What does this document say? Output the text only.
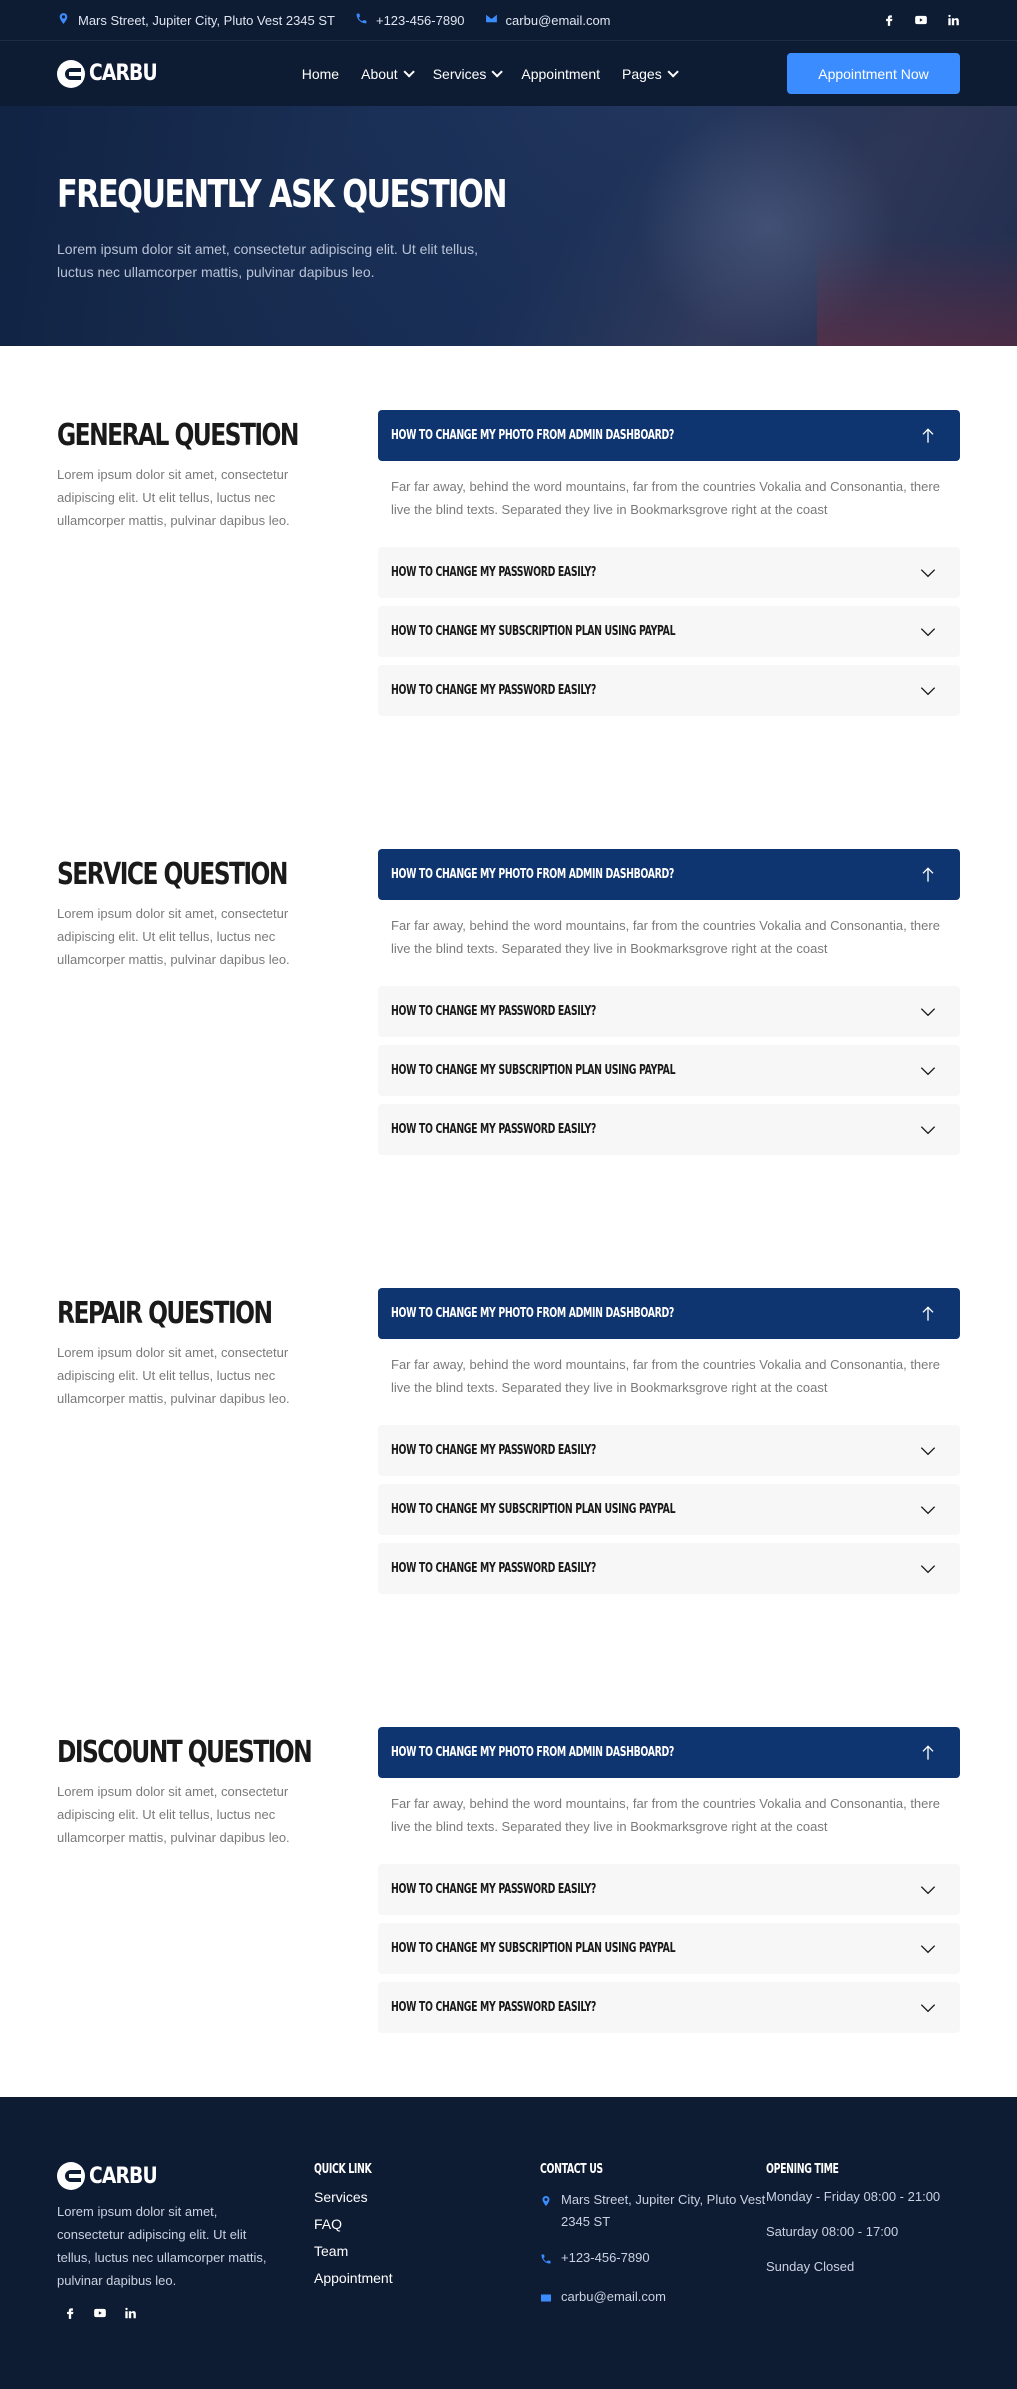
Mars Street, Jupiter City, Pluto Vest 2345 ST	+123-456-7890	carbu@email.com
CARBU	Home About	Services	Appointment Pages	Appointment Now
FREQUENTLY ASK QUESTION

Lorem ipsum dolor sit amet, consectetur adipiscing elit. Ut elit tellus, luctus nec ullamcorper mattis, pulvinar dapibus leo.

GENERAL QUESTION

Lorem ipsum dolor sit amet, consectetur adipiscing elit. Ut elit tellus, luctus nec ullamcorper mattis, pulvinar dapibus leo.

HOW TO CHANGE MY PHOTO FROM ADMIN DASHBOARD?
Far far away, behind the word mountains, far from the countries Vokalia and Consonantia, there live the blind texts. Separated they live in Bookmarksgrove right at the coast
HOW TO CHANGE MY PASSWORD EASILY?
HOW TO CHANGE MY SUBSCRIPTION PLAN USING PAYPAL
HOW TO CHANGE MY PASSWORD EASILY?
SERVICE QUESTION

Lorem ipsum dolor sit amet, consectetur adipiscing elit. Ut elit tellus, luctus nec ullamcorper mattis, pulvinar dapibus leo.

HOW TO CHANGE MY PHOTO FROM ADMIN DASHBOARD?
Far far away, behind the word mountains, far from the countries Vokalia and Consonantia, there live the blind texts. Separated they live in Bookmarksgrove right at the coast
HOW TO CHANGE MY PASSWORD EASILY?
HOW TO CHANGE MY SUBSCRIPTION PLAN USING PAYPAL
HOW TO CHANGE MY PASSWORD EASILY?
REPAIR QUESTION

Lorem ipsum dolor sit amet, consectetur adipiscing elit. Ut elit tellus, luctus nec ullamcorper mattis, pulvinar dapibus leo.

HOW TO CHANGE MY PHOTO FROM ADMIN DASHBOARD?
Far far away, behind the word mountains, far from the countries Vokalia and Consonantia, there live the blind texts. Separated they live in Bookmarksgrove right at the coast
HOW TO CHANGE MY PASSWORD EASILY?
HOW TO CHANGE MY SUBSCRIPTION PLAN USING PAYPAL
HOW TO CHANGE MY PASSWORD EASILY?
DISCOUNT QUESTION

Lorem ipsum dolor sit amet, consectetur adipiscing elit. Ut elit tellus, luctus nec ullamcorper mattis, pulvinar dapibus leo.

HOW TO CHANGE MY PHOTO FROM ADMIN DASHBOARD?
Far far away, behind the word mountains, far from the countries Vokalia and Consonantia, there live the blind texts. Separated they live in Bookmarksgrove right at the coast
HOW TO CHANGE MY PASSWORD EASILY?
HOW TO CHANGE MY SUBSCRIPTION PLAN USING PAYPAL
HOW TO CHANGE MY PASSWORD EASILY?
CARBU

Lorem ipsum dolor sit amet, consectetur adipiscing elit. Ut elit tellus, luctus nec ullamcorper mattis, pulvinar dapibus leo.

QUICK LINK
Services
FAQ
Team
Appointment
CONTACT US
Mars Street, Jupiter City, Pluto Vest 2345 ST
+123-456-7890
carbu@email.com
OPENING TIME

Monday - Friday 08:00 - 21:00

Saturday 08:00 - 17:00

Sunday Closed
